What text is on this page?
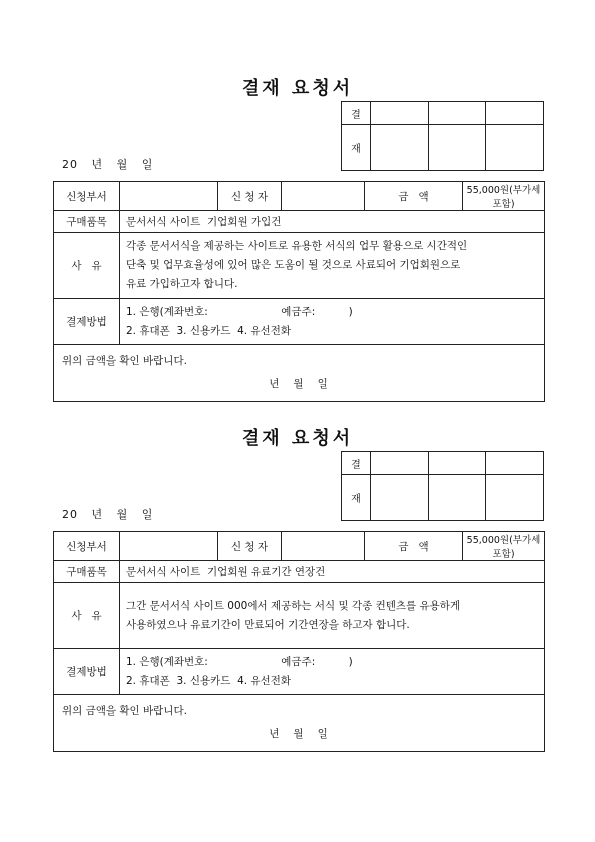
결재 요청서
결			
재			
20   년   월   일
신청부서		신 청 자		금   액	55,000원(부가세포함)
구매품목	문서서식 사이트  기업회원 가입건				
사   유	각종 문서서식을 제공하는 사이트로 유용한 서식의 업무 활용으로 시간적인
단축 및 업무효율성에 있어 많은 도움이 될 것으로 사료되어 기업회원으로
유료 가입하고자 합니다.				

결제방법	1. 은행(계좌번호:                      예금주:          )
2. 휴대폰  3. 신용카드  4. 유선전화				

위의 금액을 확인 바랍니다.
년   월   일					
결재 요청서
결			
재			
20   년   월   일
신청부서		신 청 자		금   액	55,000원(부가세포함)
구매품목	문서서식 사이트  기업회원 유료기간 연장건				
사   유	그간 문서서식 사이트 000에서 제공하는 서식 및 각종 컨텐츠를 유용하게
사용하였으나 유료기간이 만료되어 기간연장을 하고자 합니다.				

결제방법	1. 은행(계좌번호:                      예금주:          )
2. 휴대폰  3. 신용카드  4. 유선전화				

위의 금액을 확인 바랍니다.
년   월   일					
